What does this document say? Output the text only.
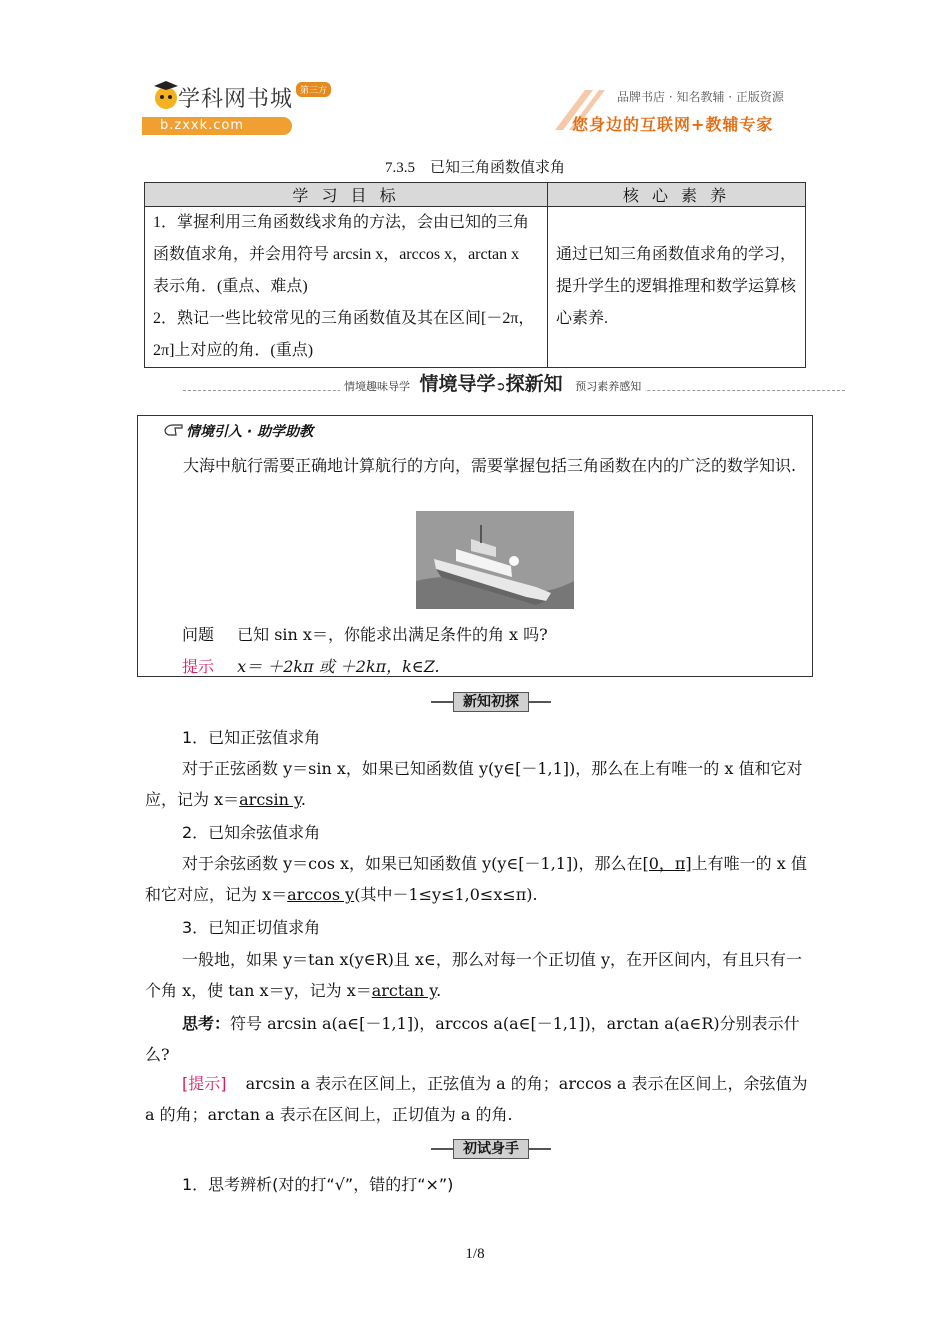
学科网书城 第三方
b.zxxk.com
品牌书店 · 知名教辅 · 正版资源
您身边的互联网+教辅专家
7.3.5　已知三角函数值求角
学 习 目 标	核 心 素 养

1．掌握利用三角函数线求角的方法，会由已知的三角函数值求角，并会用符号 arcsin x，arccos x，arctan x 表示角．(重点、难点)
2．熟记一些比较常见的三角函数值及其在区间[－2π，2π]上对应的角．(重点)	通过已知三角函数值求角的学习，提升学生的逻辑推理和数学运算核心素养.
情境趣味导学 情境导学➲探新知 预习素养感知
情境引入 · 助学助教
大海中航行需要正确地计算航行的方向，需要掌握包括三角函数在内的广泛的数学知识.
问题 已知 sin x＝，你能求出满足条件的角 x 吗?
提示 x＝ ＋2kπ 或 ＋2kπ，k∈Z.
新知初探
1．已知正弦值求角
对于正弦函数 y＝sin x，如果已知函数值 y(y∈[－1,1])，那么在上有唯一的 x 值和它对应，记为 x＝arcsin y.
2．已知余弦值求角
对于余弦函数 y＝cos x，如果已知函数值 y(y∈[－1,1])，那么在[0，π]上有唯一的 x 值和它对应，记为 x＝arccos y(其中－1≤y≤1,0≤x≤π).
3．已知正切值求角
一般地，如果 y＝tan x(y∈R)且 x∈，那么对每一个正切值 y，在开区间内，有且只有一个角 x，使 tan x＝y，记为 x＝arctan y.
思考：符号 arcsin a(a∈[－1,1])，arccos a(a∈[－1,1])，arctan a(a∈R)分别表示什么?
[提示] arcsin a 表示在区间上，正弦值为 a 的角；arccos a 表示在区间上，余弦值为 a 的角；arctan a 表示在区间上，正切值为 a 的角.
初试身手
1．思考辨析(对的打“√”，错的打“×”)
1/8
